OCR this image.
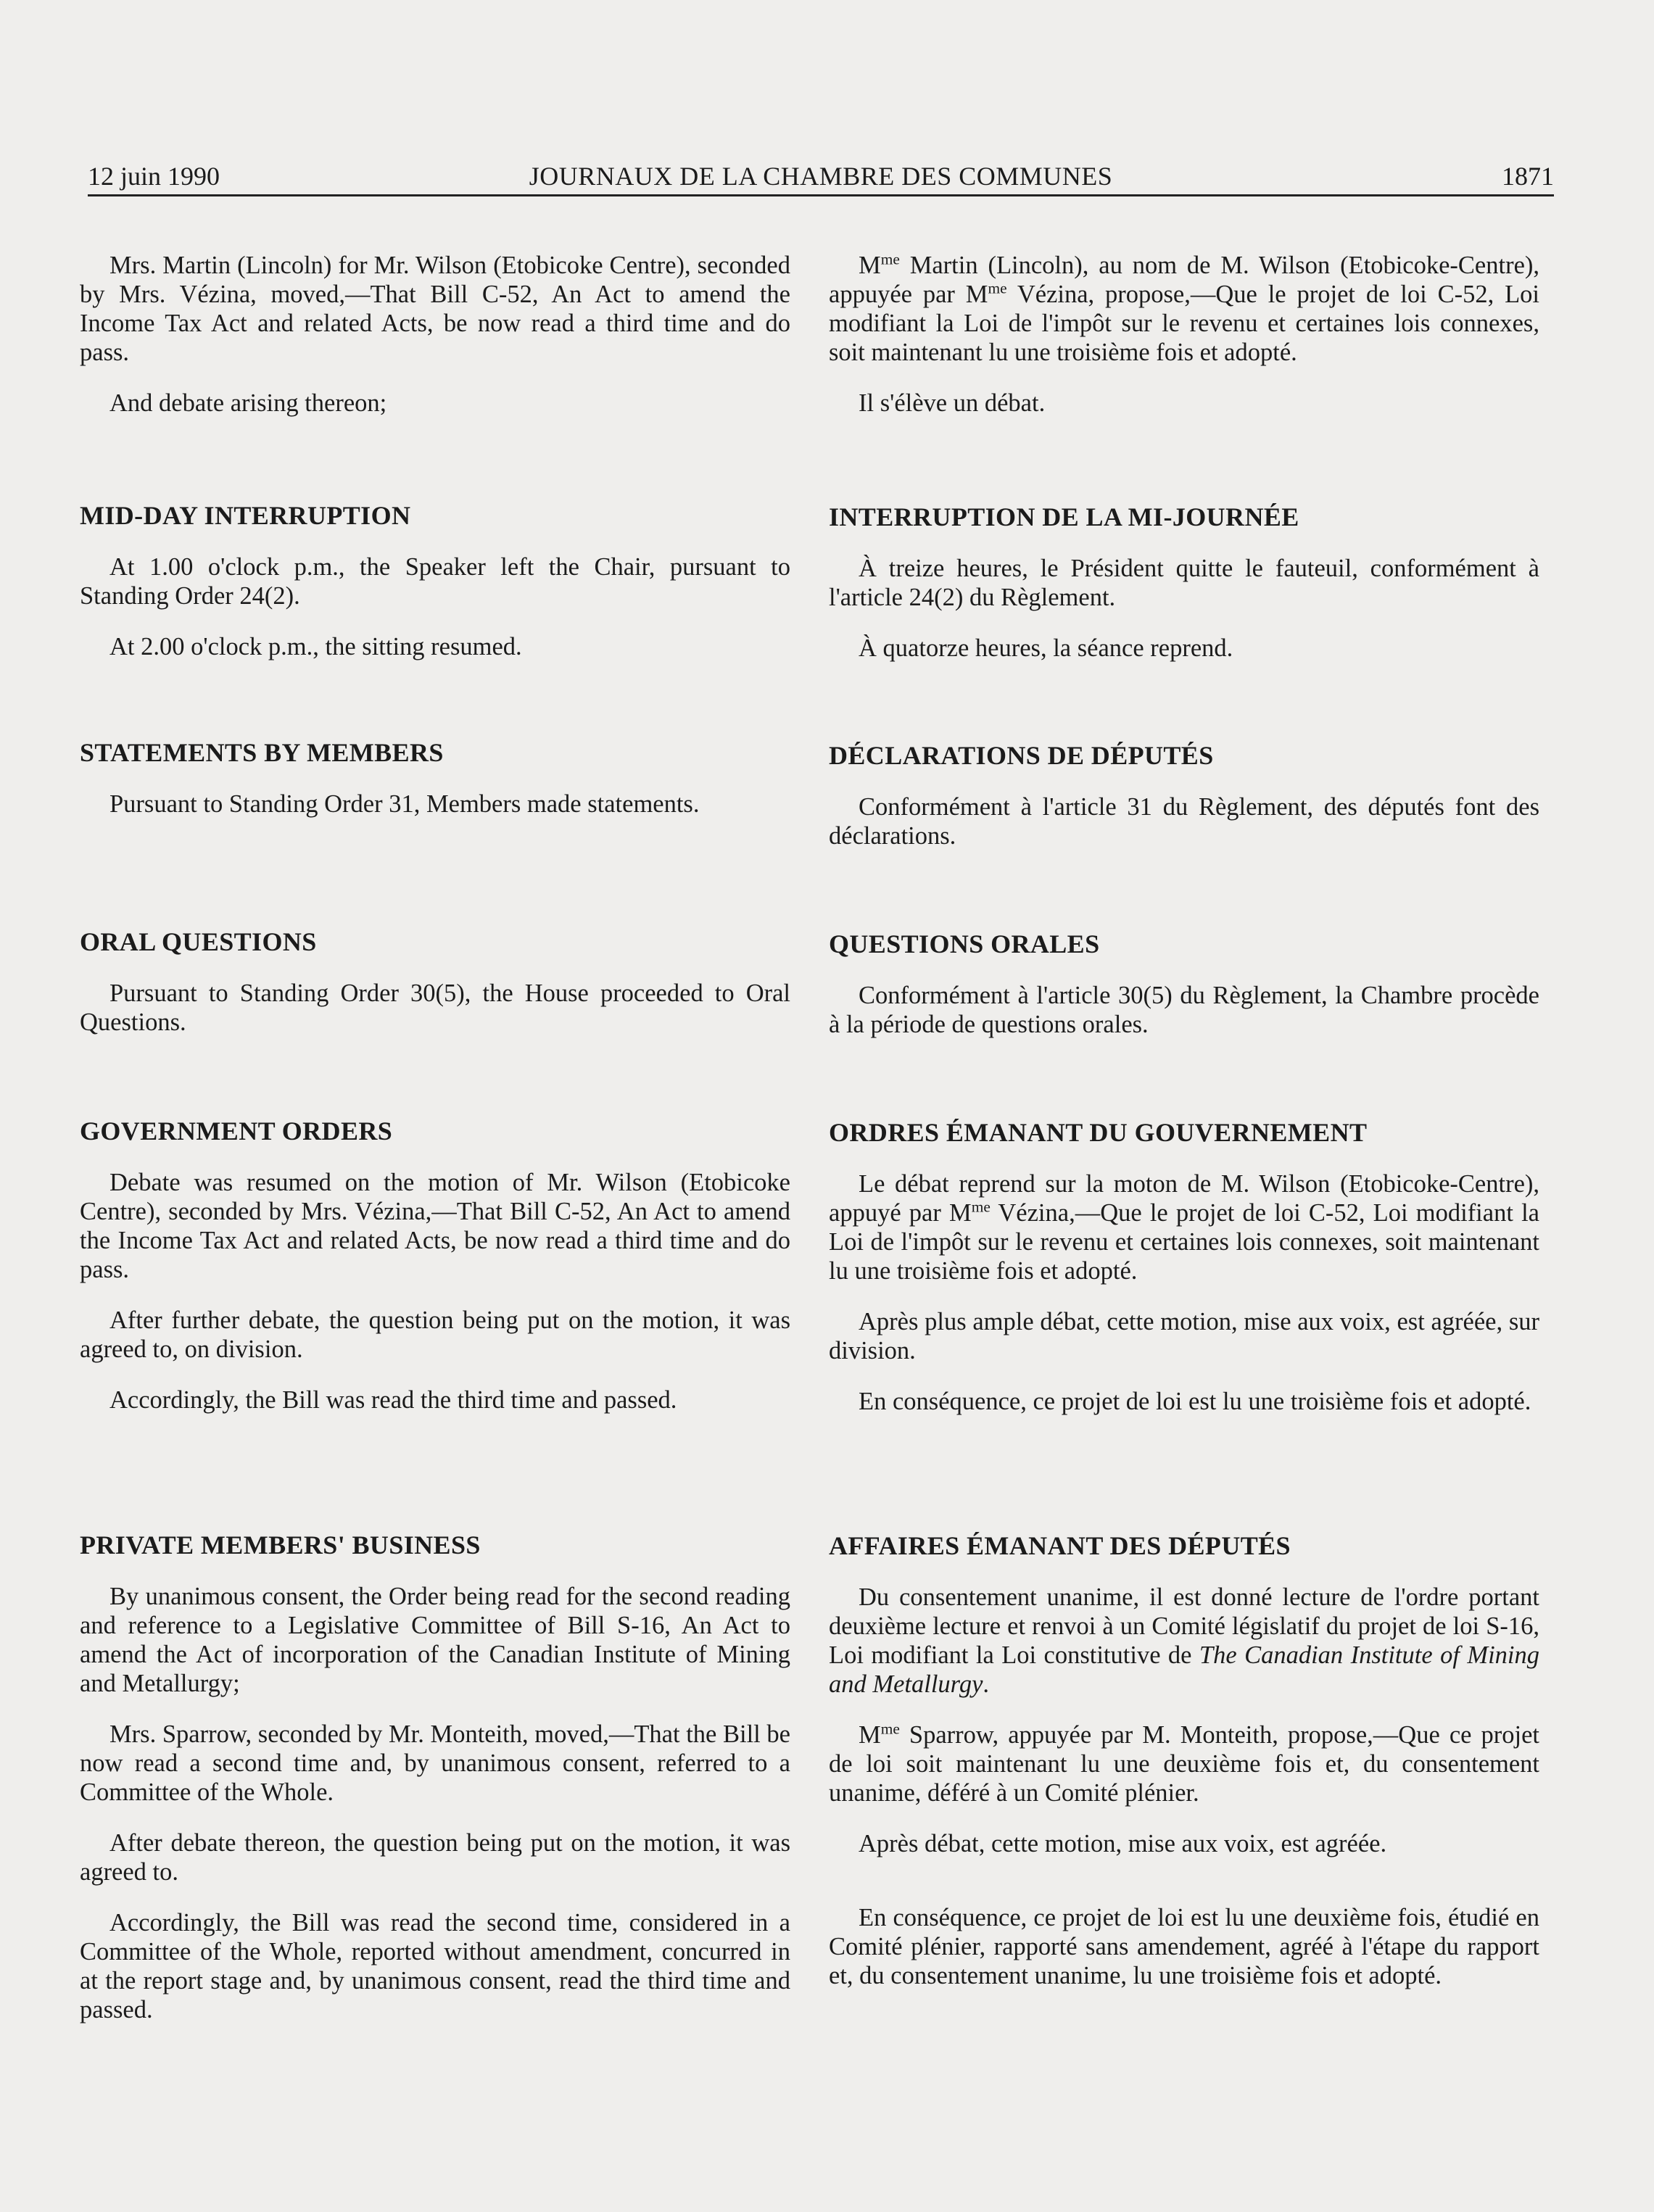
12 juin 1990	JOURNAUX DE LA CHAMBRE DES COMMUNES	1871

Mrs. Martin (Lincoln) for Mr. Wilson (Etobicoke Centre), seconded by Mrs. Vézina, moved,—That Bill C-52, An Act to amend the Income Tax Act and related Acts, be now read a third time and do pass.

And debate arising thereon;

MID-DAY INTERRUPTION

At 1.00 o'clock p.m., the Speaker left the Chair, pursuant to Standing Order 24(2).

At 2.00 o'clock p.m., the sitting resumed.

STATEMENTS BY MEMBERS

Pursuant to Standing Order 31, Members made statements.

ORAL QUESTIONS

Pursuant to Standing Order 30(5), the House proceeded to Oral Questions.

GOVERNMENT ORDERS

Debate was resumed on the motion of Mr. Wilson (Etobicoke Centre), seconded by Mrs. Vézina,—That Bill C-52, An Act to amend the Income Tax Act and related Acts, be now read a third time and do pass.

After further debate, the question being put on the motion, it was agreed to, on division.

Accordingly, the Bill was read the third time and passed.

PRIVATE MEMBERS' BUSINESS

By unanimous consent, the Order being read for the second reading and reference to a Legislative Committee of Bill S-16, An Act to amend the Act of incorporation of the Canadian Institute of Mining and Metallurgy;

Mrs. Sparrow, seconded by Mr. Monteith, moved,—That the Bill be now read a second time and, by unanimous consent, referred to a Committee of the Whole.

After debate thereon, the question being put on the motion, it was agreed to.

Accordingly, the Bill was read the second time, considered in a Committee of the Whole, reported without amendment, concurred in at the report stage and, by unanimous consent, read the third time and passed.

$M^{me}$ Martin (Lincoln), au nom de M. Wilson (Etobicoke-Centre), appuyée par $M^{me}$ Vézina, propose,—Que le projet de loi C-52, Loi modifiant la Loi de l'impôt sur le revenu et certaines lois connexes, soit maintenant lu une troisième fois et adopté.

Il s'élève un débat.

INTERRUPTION DE LA MI-JOURNÉE

À treize heures, le Président quitte le fauteuil, conformément à l'article 24(2) du Règlement.

À quatorze heures, la séance reprend.

DÉCLARATIONS DE DÉPUTÉS

Conformément à l'article 31 du Règlement, des députés font des déclarations.

QUESTIONS ORALES

Conformément à l'article 30(5) du Règlement, la Chambre procède à la période de questions orales.

ORDRES ÉMANANT DU GOUVERNEMENT

Le débat reprend sur la moton de M. Wilson (Etobicoke-Centre), appuyé par $M^{me}$ Vézina,—Que le projet de loi C-52, Loi modifiant la Loi de l'impôt sur le revenu et certaines lois connexes, soit maintenant lu une troisième fois et adopté.

Après plus ample débat, cette motion, mise aux voix, est agréée, sur division.

En conséquence, ce projet de loi est lu une troisième fois et adopté.

AFFAIRES ÉMANANT DES DÉPUTÉS

Du consentement unanime, il est donné lecture de l'ordre portant deuxième lecture et renvoi à un Comité législatif du projet de loi S-16, Loi modifiant la Loi constitutive de The Canadian Institute of Mining and Metallurgy.

$M^{me}$ Sparrow, appuyée par M. Monteith, propose,—Que ce projet de loi soit maintenant lu une deuxième fois et, du consentement unanime, déféré à un Comité plénier.

Après débat, cette motion, mise aux voix, est agréée.

En conséquence, ce projet de loi est lu une deuxième fois, étudié en Comité plénier, rapporté sans amendement, agréé à l'étape du rapport et, du consentement unanime, lu une troisième fois et adopté.
